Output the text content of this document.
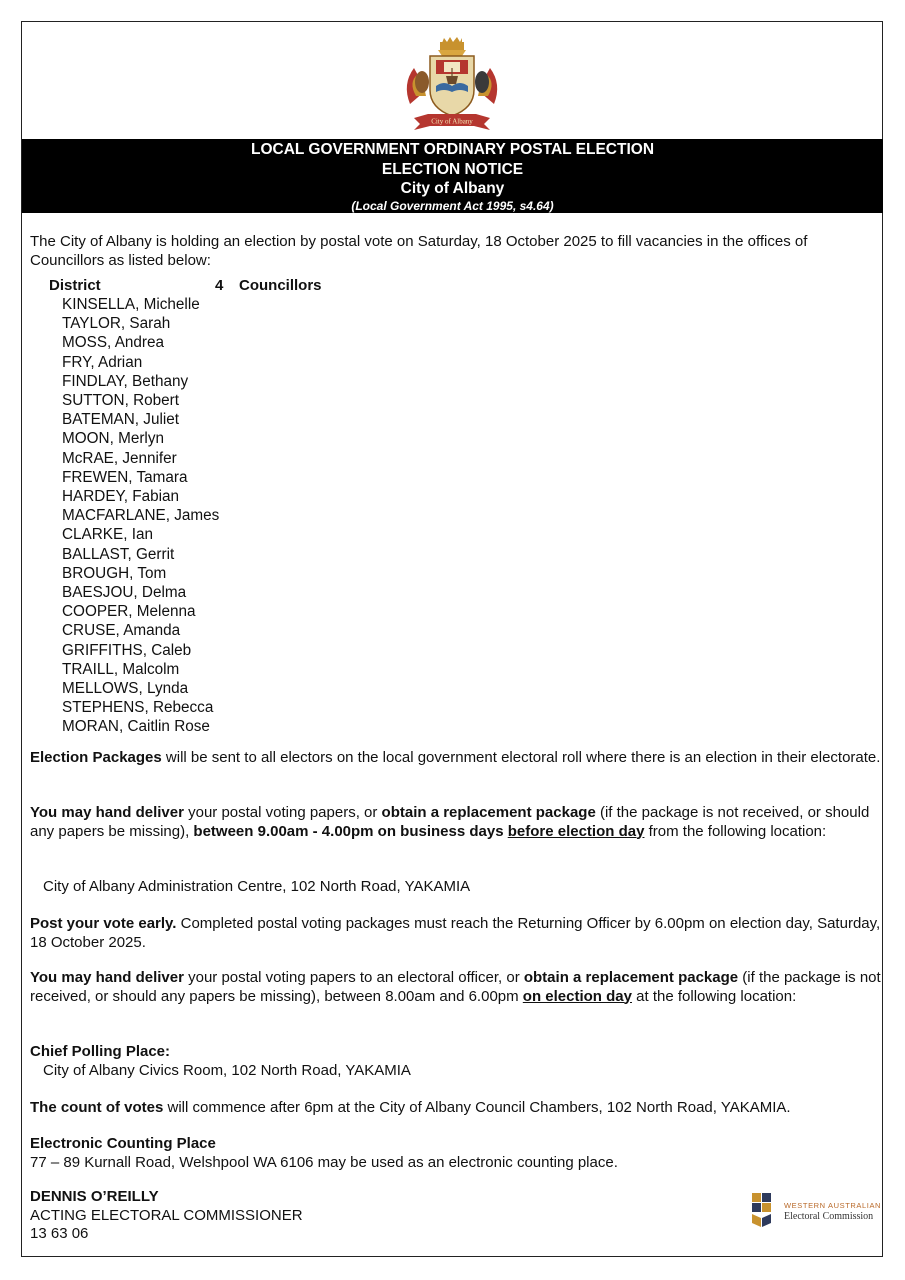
City of Albany
LOCAL GOVERNMENT ORDINARY POSTAL ELECTION
ELECTION NOTICE
City of Albany
(Local Government Act 1995, s4.64)
The City of Albany is holding an election by postal vote on Saturday, 18 October 2025 to fill vacancies in the offices of Councillors as listed below:
District	4 Councillors
KINSELLA, Michelle
TAYLOR, Sarah
MOSS, Andrea
FRY, Adrian
FINDLAY, Bethany
SUTTON, Robert
BATEMAN, Juliet
MOON, Merlyn
McRAE, Jennifer
FREWEN, Tamara
HARDEY, Fabian
MACFARLANE, James
CLARKE, Ian
BALLAST, Gerrit
BROUGH, Tom
BAESJOU, Delma
COOPER, Melenna
CRUSE, Amanda
GRIFFITHS, Caleb
TRAILL, Malcolm
MELLOWS, Lynda
STEPHENS, Rebecca
MORAN, Caitlin Rose
Election Packages will be sent to all electors on the local government electoral roll where there is an election in their electorate.
You may hand deliver your postal voting papers, or obtain a replacement package (if the package is not received, or should any papers be missing), between 9.00am - 4.00pm on business days before election day from the following location:
City of Albany Administration Centre, 102 North Road, YAKAMIA
Post your vote early. Completed postal voting packages must reach the Returning Officer by 6.00pm on election day, Saturday, 18 October 2025.
You may hand deliver your postal voting papers to an electoral officer, or obtain a replacement package (if the package is not received, or should any papers be missing), between 8.00am and 6.00pm on election day at the following location:
Chief Polling Place:
City of Albany Civics Room, 102 North Road, YAKAMIA
The count of votes will commence after 6pm at the City of Albany Council Chambers, 102 North Road, YAKAMIA.
Electronic Counting Place
77 – 89 Kurnall Road, Welshpool WA 6106 may be used as an electronic counting place.
DENNIS O’REILLY
ACTING ELECTORAL COMMISSIONER
13 63 06
WESTERN AUSTRALIAN
Electoral Commission
